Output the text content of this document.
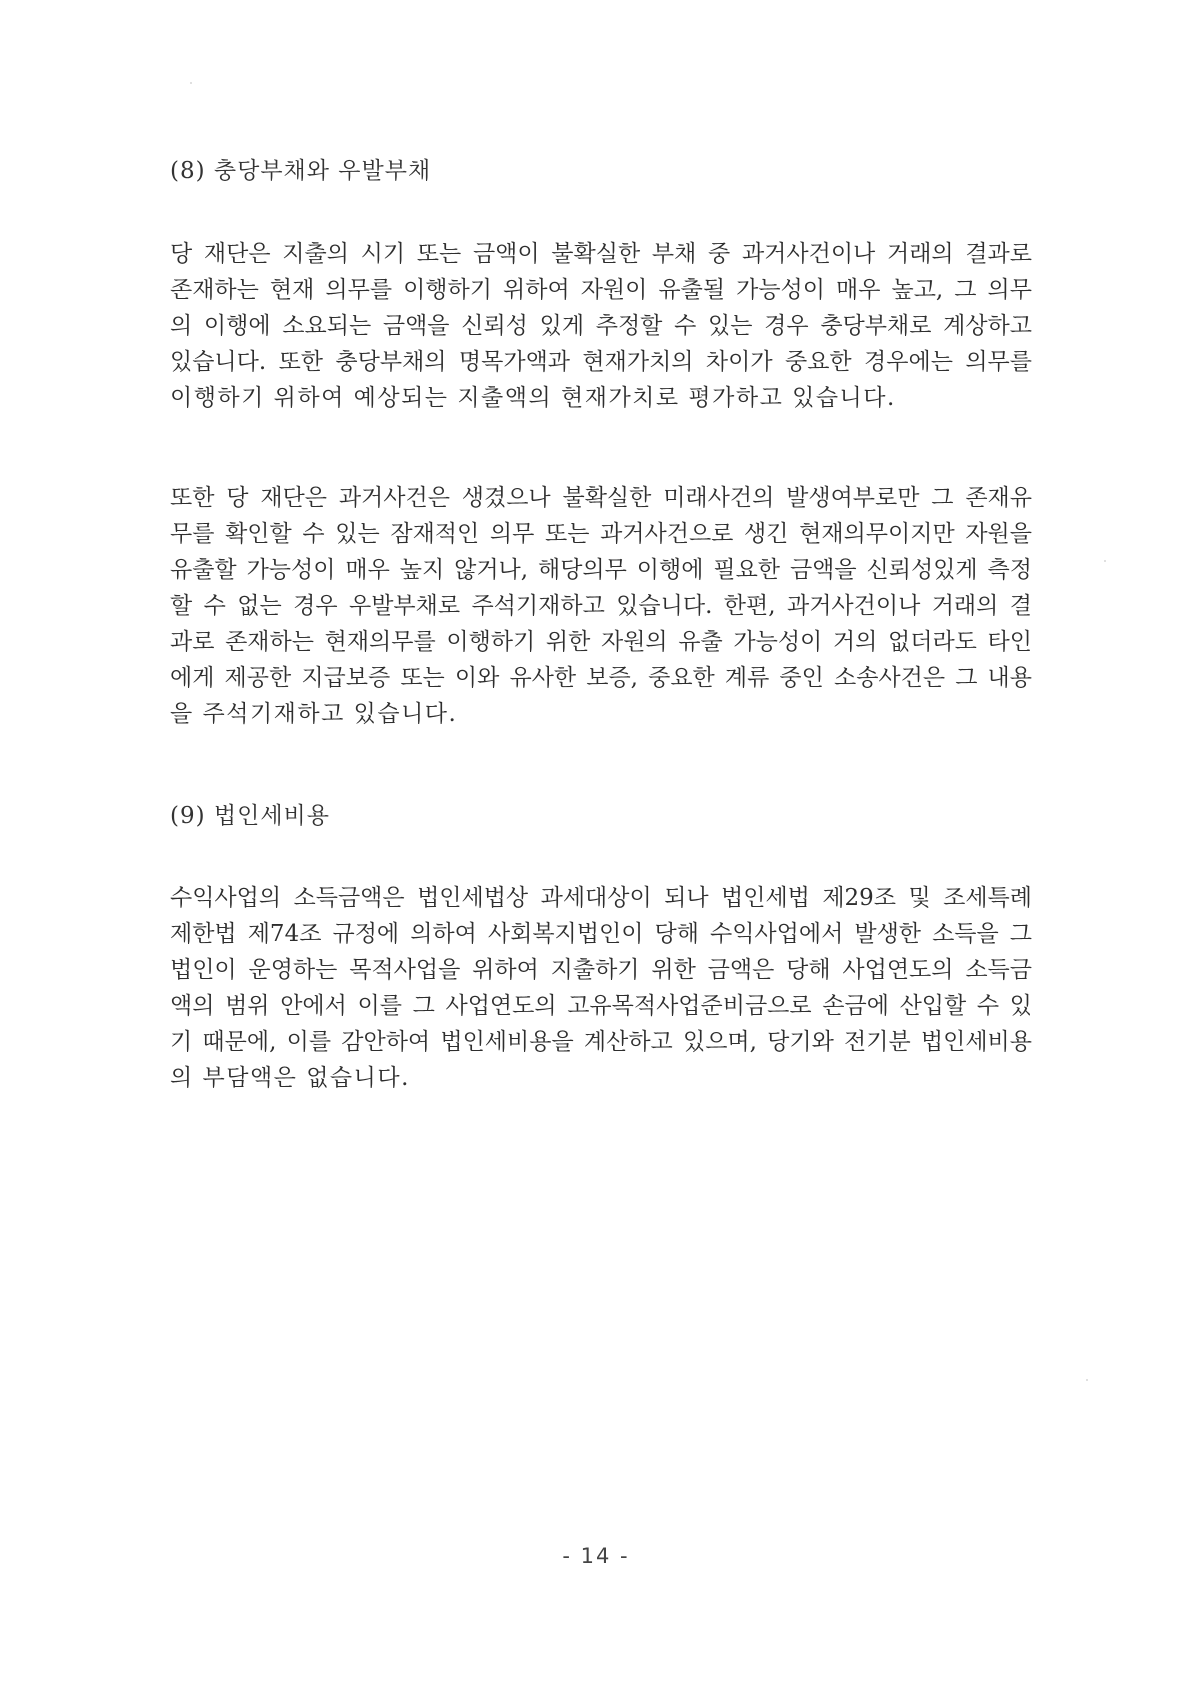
(8) 충당부채와 우발부채
당 재단은 지출의 시기 또는 금액이 불확실한 부채 중 과거사건이나 거래의 결과로
존재하는 현재 의무를 이행하기 위하여 자원이 유출될 가능성이 매우 높고, 그 의무
의 이행에 소요되는 금액을 신뢰성 있게 추정할 수 있는 경우 충당부채로 계상하고
있습니다. 또한 충당부채의 명목가액과 현재가치의 차이가 중요한 경우에는 의무를
이행하기 위하여 예상되는 지출액의 현재가치로 평가하고 있습니다.
또한 당 재단은 과거사건은 생겼으나 불확실한 미래사건의 발생여부로만 그 존재유
무를 확인할 수 있는 잠재적인 의무 또는 과거사건으로 생긴 현재의무이지만 자원을
유출할 가능성이 매우 높지 않거나, 해당의무 이행에 필요한 금액을 신뢰성있게 측정
할 수 없는 경우 우발부채로 주석기재하고 있습니다. 한편, 과거사건이나 거래의 결
과로 존재하는 현재의무를 이행하기 위한 자원의 유출 가능성이 거의 없더라도 타인
에게 제공한 지급보증 또는 이와 유사한 보증, 중요한 계류 중인 소송사건은 그 내용
을 주석기재하고 있습니다.
(9) 법인세비용
수익사업의 소득금액은 법인세법상 과세대상이 되나 법인세법 제29조 및 조세특례
제한법 제74조 규정에 의하여 사회복지법인이 당해 수익사업에서 발생한 소득을 그
법인이 운영하는 목적사업을 위하여 지출하기 위한 금액은 당해 사업연도의 소득금
액의 범위 안에서 이를 그 사업연도의 고유목적사업준비금으로 손금에 산입할 수 있
기 때문에, 이를 감안하여 법인세비용을 계산하고 있으며, 당기와 전기분 법인세비용
의 부담액은 없습니다.
- 14 -
